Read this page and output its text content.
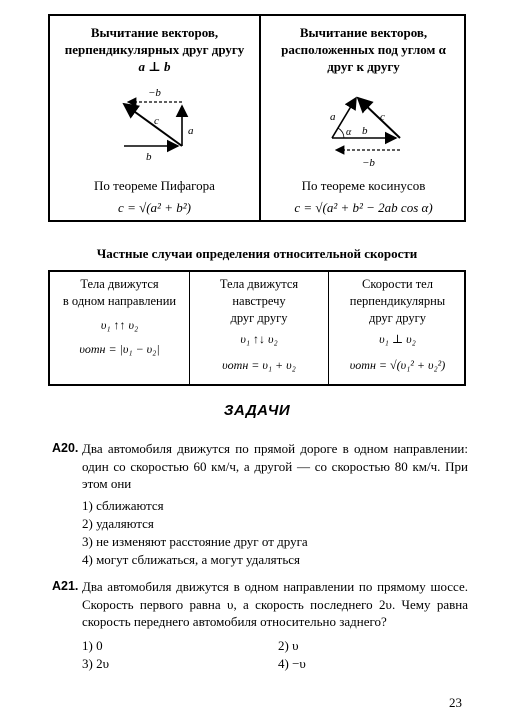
Вычитание векторов,
перпендикулярных друг другу
a ⊥ b
−b
c
a
b
По теореме Пифагора
c = √(a² + b²)
Вычитание векторов,
расположенных под углом α
друг к другу
a	c
α b
−b
По теореме косинусов
c = √(a² + b² − 2ab cos α)
Частные случаи определения относительной скорости
Тела движутся
в одном направлении
υ₁ ↑↑ υ₂
υотн = |υ₁ − υ₂|
Тела движутся
навстречу
друг другу
υ₁ ↑↓ υ₂
υотн = υ₁ + υ₂
Скорости тел
перпендикулярны
друг другу
υ₁ ⊥ υ₂
υотн = √(υ₁² + υ₂²)
ЗАДАЧИ
А20. Два автомобиля движутся по прямой дороге в одном направлении: один со скоростью 60 км/ч, а другой — со скоростью 80 км/ч. При этом они
1) сближаются
2) удаляются
3) не изменяют расстояние друг от друга
4) могут сближаться, а могут удаляться
А21. Два автомобиля движутся в одном направлении по прямому шоссе. Скорость первого равна υ, а скорость последнего 2υ. Чему равна скорость переднего автомобиля относительно заднего?
1) 0	2) υ
3) 2υ	4) −υ
23
